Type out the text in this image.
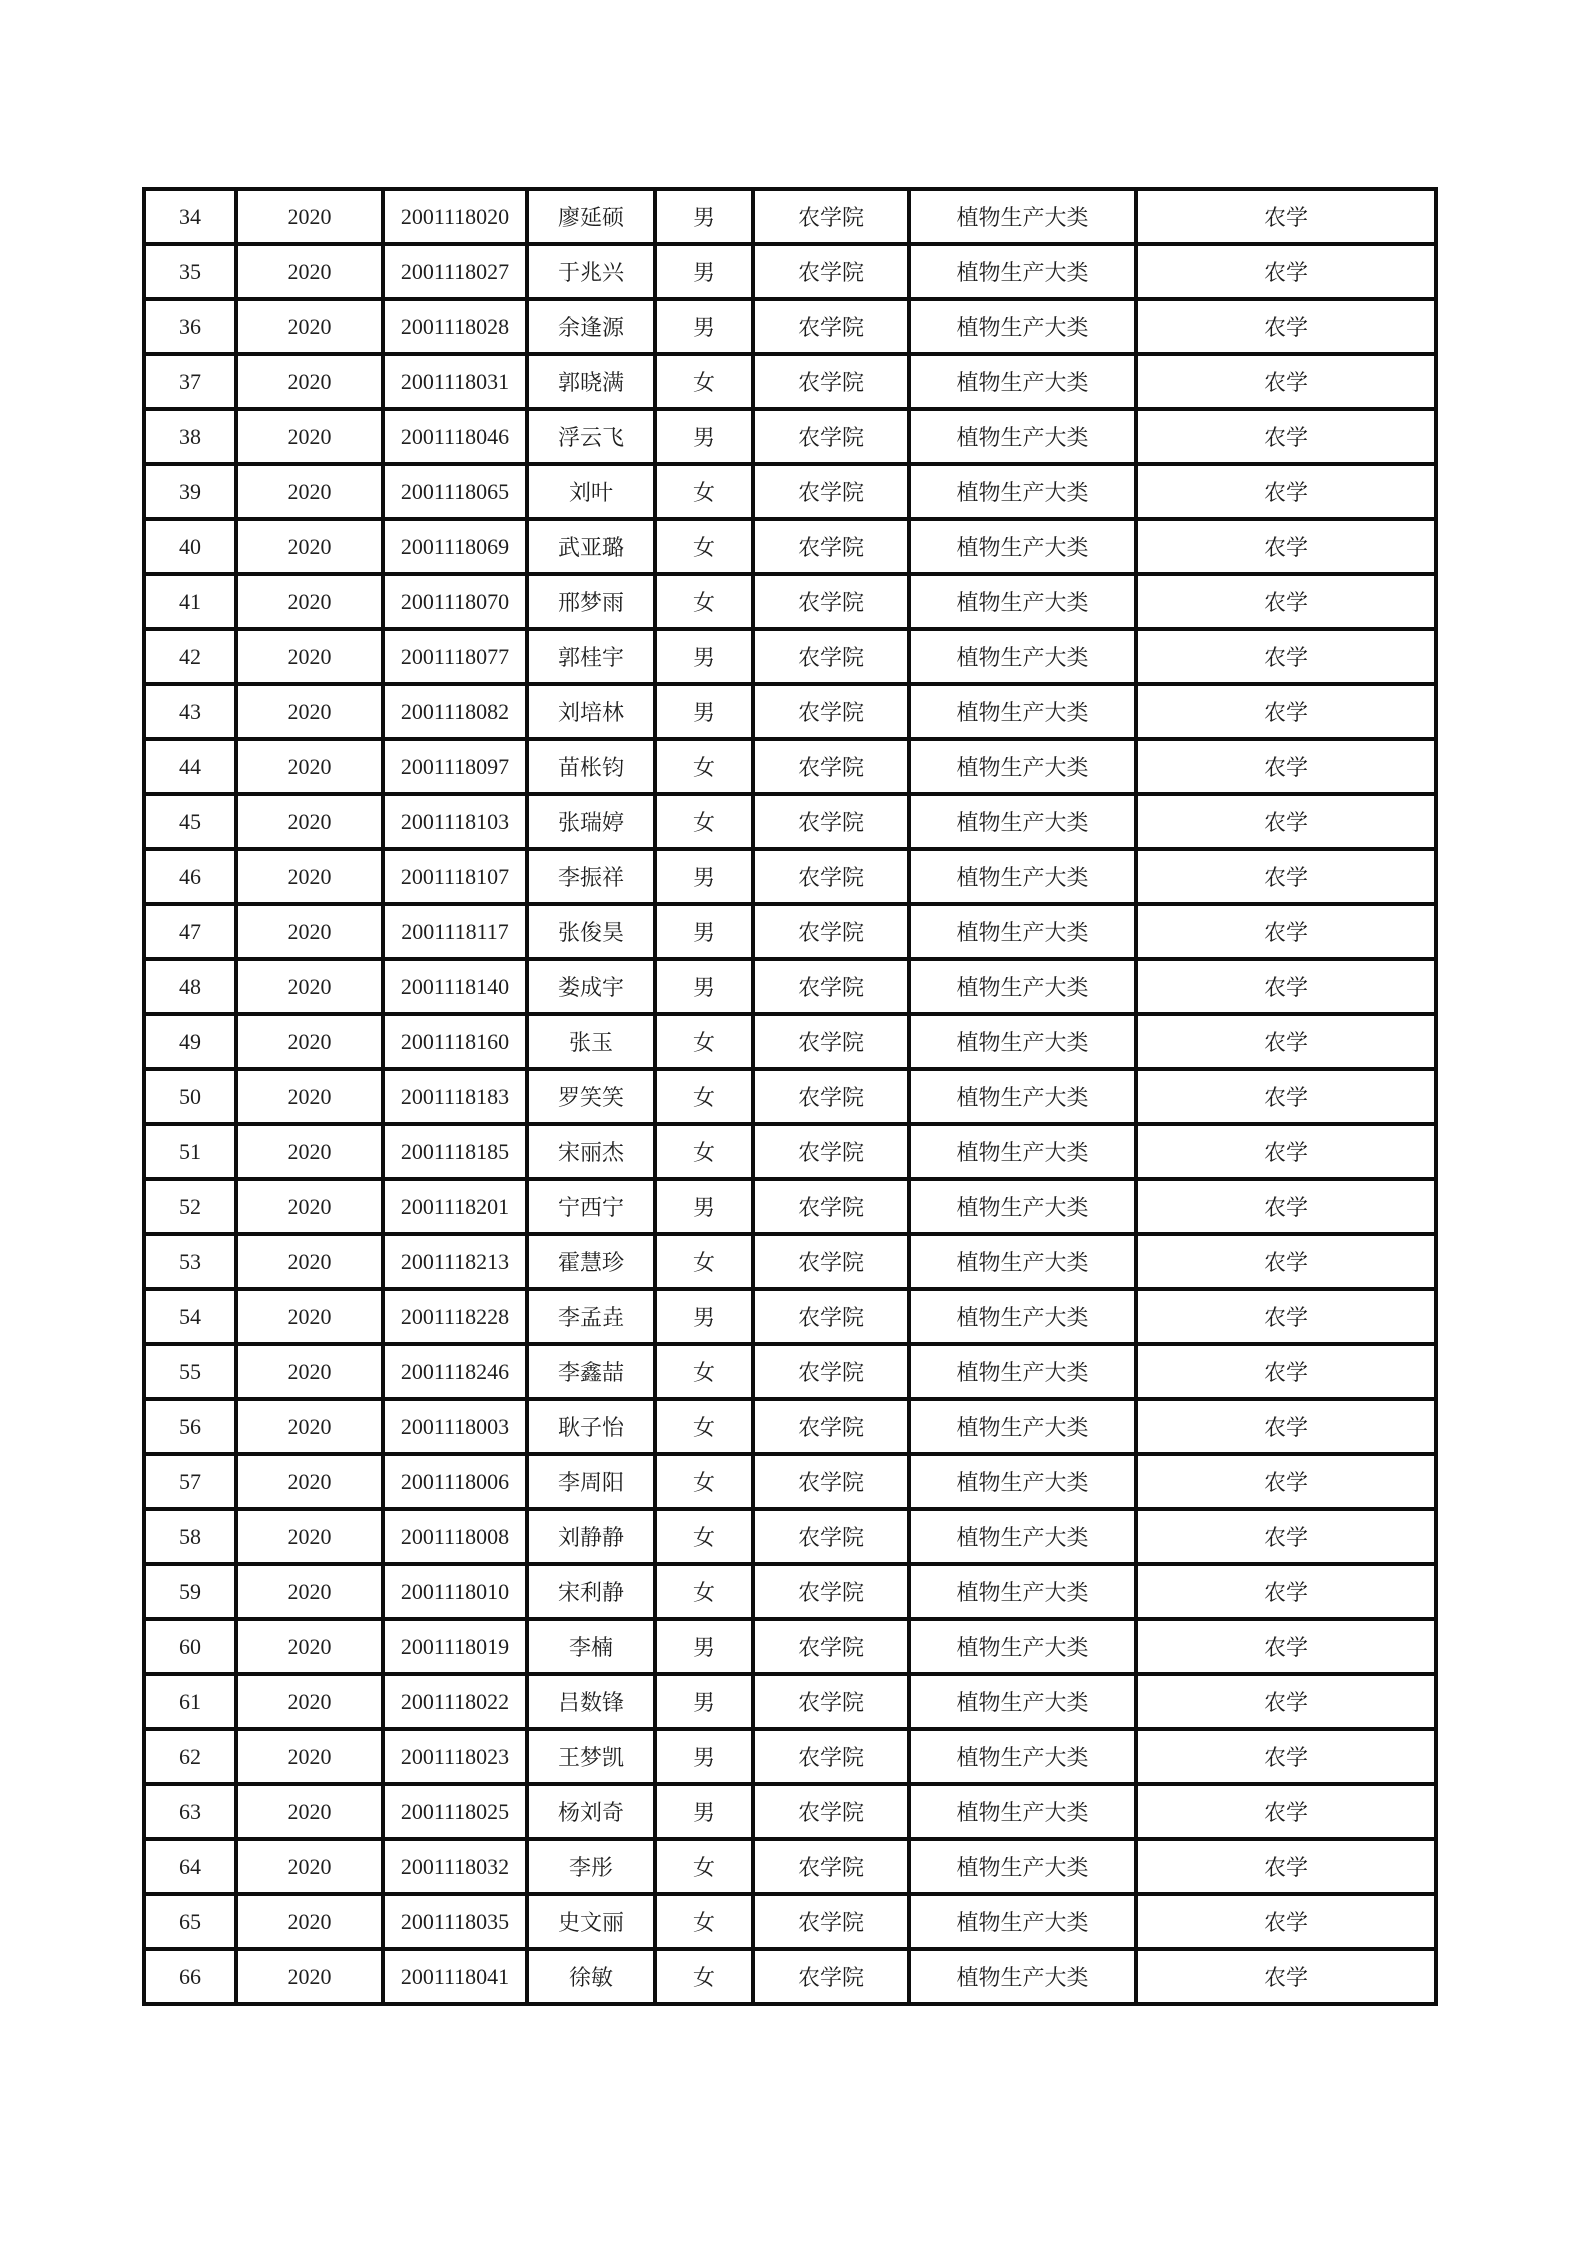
34	2020	2001118020	廖延硕	男	农学院	植物生产大类	农学
35	2020	2001118027	于兆兴	男	农学院	植物生产大类	农学
36	2020	2001118028	余逢源	男	农学院	植物生产大类	农学
37	2020	2001118031	郭晓满	女	农学院	植物生产大类	农学
38	2020	2001118046	浮云飞	男	农学院	植物生产大类	农学
39	2020	2001118065	刘叶	女	农学院	植物生产大类	农学
40	2020	2001118069	武亚璐	女	农学院	植物生产大类	农学
41	2020	2001118070	邢梦雨	女	农学院	植物生产大类	农学
42	2020	2001118077	郭桂宇	男	农学院	植物生产大类	农学
43	2020	2001118082	刘培林	男	农学院	植物生产大类	农学
44	2020	2001118097	苗枨钧	女	农学院	植物生产大类	农学
45	2020	2001118103	张瑞婷	女	农学院	植物生产大类	农学
46	2020	2001118107	李振祥	男	农学院	植物生产大类	农学
47	2020	2001118117	张俊昊	男	农学院	植物生产大类	农学
48	2020	2001118140	娄成宇	男	农学院	植物生产大类	农学
49	2020	2001118160	张玉	女	农学院	植物生产大类	农学
50	2020	2001118183	罗笑笑	女	农学院	植物生产大类	农学
51	2020	2001118185	宋丽杰	女	农学院	植物生产大类	农学
52	2020	2001118201	宁西宁	男	农学院	植物生产大类	农学
53	2020	2001118213	霍慧珍	女	农学院	植物生产大类	农学
54	2020	2001118228	李孟垚	男	农学院	植物生产大类	农学
55	2020	2001118246	李鑫喆	女	农学院	植物生产大类	农学
56	2020	2001118003	耿子怡	女	农学院	植物生产大类	农学
57	2020	2001118006	李周阳	女	农学院	植物生产大类	农学
58	2020	2001118008	刘静静	女	农学院	植物生产大类	农学
59	2020	2001118010	宋利静	女	农学院	植物生产大类	农学
60	2020	2001118019	李楠	男	农学院	植物生产大类	农学
61	2020	2001118022	吕数锋	男	农学院	植物生产大类	农学
62	2020	2001118023	王梦凯	男	农学院	植物生产大类	农学
63	2020	2001118025	杨刘奇	男	农学院	植物生产大类	农学
64	2020	2001118032	李彤	女	农学院	植物生产大类	农学
65	2020	2001118035	史文丽	女	农学院	植物生产大类	农学
66	2020	2001118041	徐敏	女	农学院	植物生产大类	农学
